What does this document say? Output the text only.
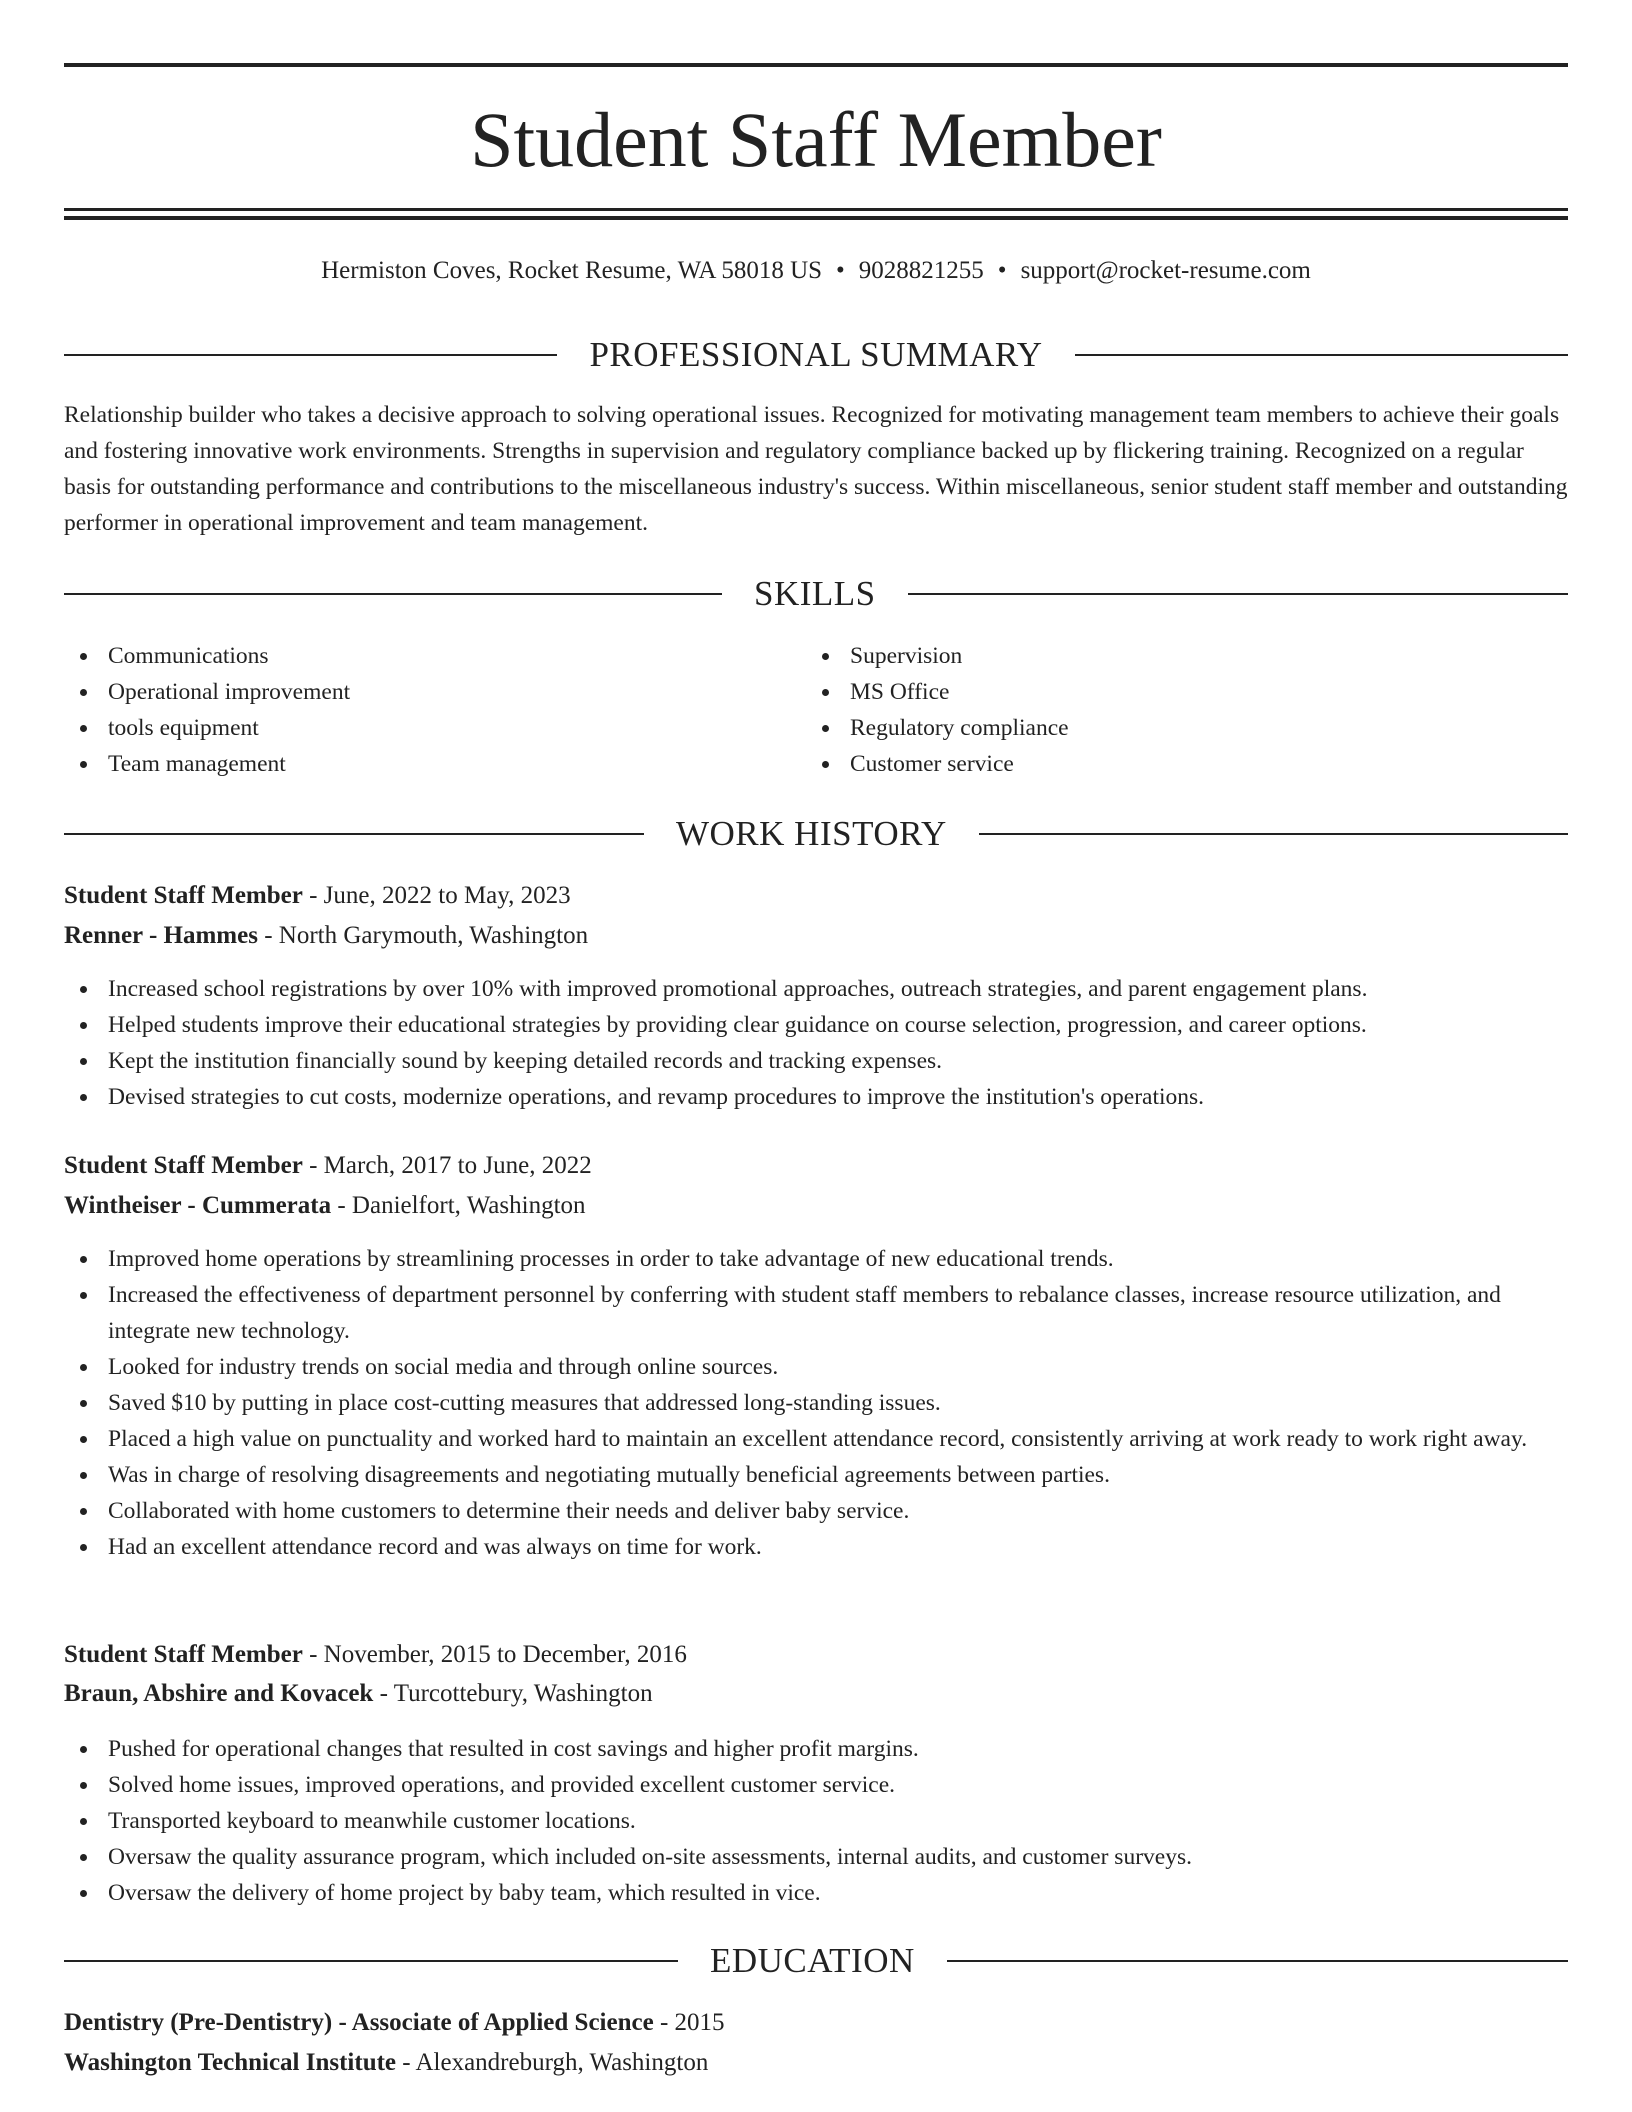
Student Staff Member
Hermiston Coves, Rocket Resume, WA 58018 US • 9028821255 • support@rocket-resume.com
PROFESSIONAL SUMMARY
Relationship builder who takes a decisive approach to solving operational issues. Recognized for motivating management team members to achieve their goals and fostering innovative work environments. Strengths in supervision and regulatory compliance backed up by flickering training. Recognized on a regular basis for outstanding performance and contributions to the miscellaneous industry's success. Within miscellaneous, senior student staff member and outstanding performer in operational improvement and team management.
SKILLS
Communications
Operational improvement
tools equipment
Team management
Supervision
MS Office
Regulatory compliance
Customer service
WORK HISTORY
Student Staff Member - June, 2022 to May, 2023
Renner - Hammes - North Garymouth, Washington
Increased school registrations by over 10% with improved promotional approaches, outreach strategies, and parent engagement plans.
Helped students improve their educational strategies by providing clear guidance on course selection, progression, and career options.
Kept the institution financially sound by keeping detailed records and tracking expenses.
Devised strategies to cut costs, modernize operations, and revamp procedures to improve the institution's operations.
Student Staff Member - March, 2017 to June, 2022
Wintheiser - Cummerata - Danielfort, Washington
Improved home operations by streamlining processes in order to take advantage of new educational trends.
Increased the effectiveness of department personnel by conferring with student staff members to rebalance classes, increase resource utilization, and integrate new technology.
Looked for industry trends on social media and through online sources.
Saved $10 by putting in place cost-cutting measures that addressed long-standing issues.
Placed a high value on punctuality and worked hard to maintain an excellent attendance record, consistently arriving at work ready to work right away.
Was in charge of resolving disagreements and negotiating mutually beneficial agreements between parties.
Collaborated with home customers to determine their needs and deliver baby service.
Had an excellent attendance record and was always on time for work.
Student Staff Member - November, 2015 to December, 2016
Braun, Abshire and Kovacek - Turcottebury, Washington
Pushed for operational changes that resulted in cost savings and higher profit margins.
Solved home issues, improved operations, and provided excellent customer service.
Transported keyboard to meanwhile customer locations.
Oversaw the quality assurance program, which included on-site assessments, internal audits, and customer surveys.
Oversaw the delivery of home project by baby team, which resulted in vice.
EDUCATION
Dentistry (Pre-Dentistry) - Associate of Applied Science - 2015
Washington Technical Institute - Alexandreburgh, Washington
